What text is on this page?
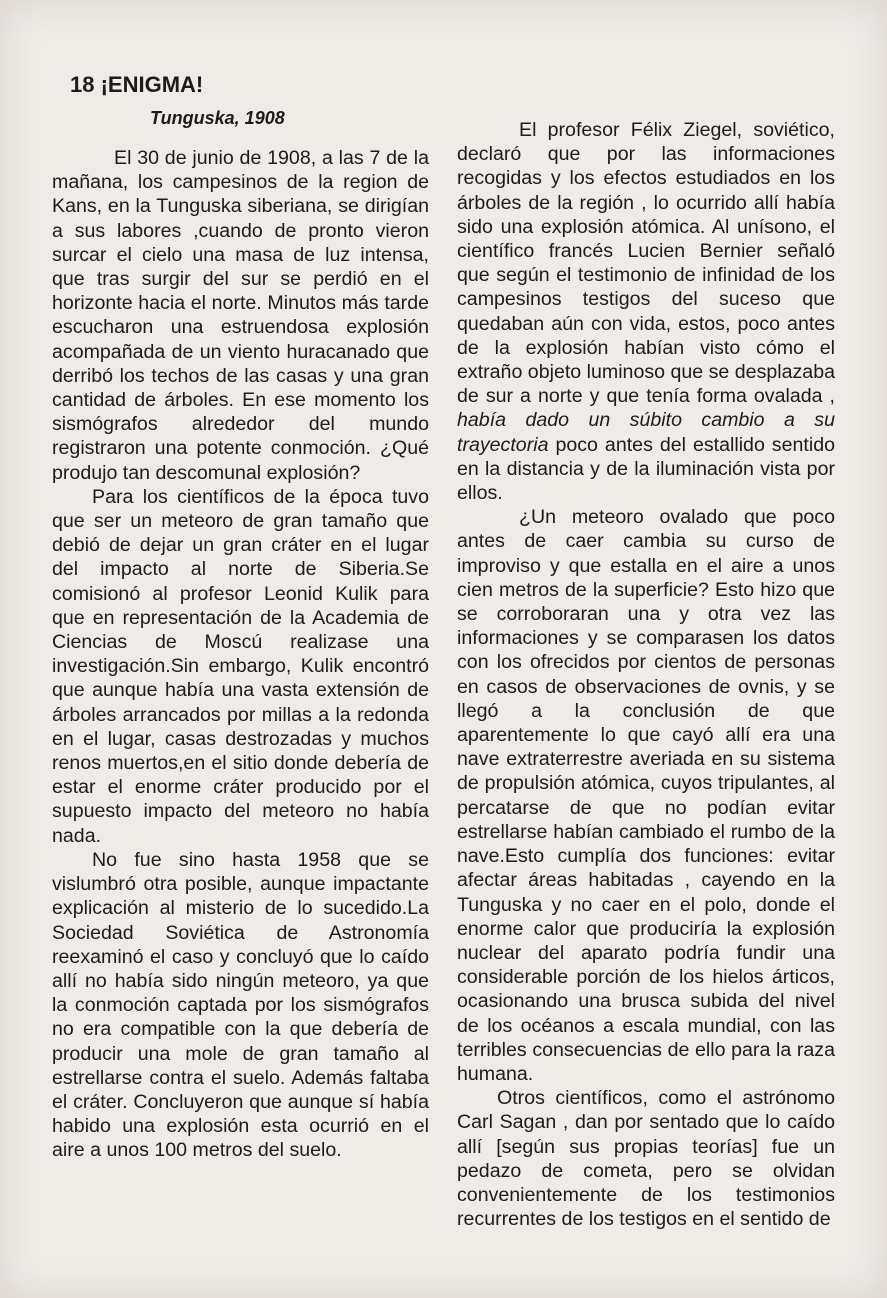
18 ¡ENIGMA!
Tunguska, 1908

El 30 de junio de 1908, a las 7 de la mañana, los campesinos de la region de Kans, en la Tunguska siberiana, se dirigían a sus labores ,cuando de pronto vieron surcar el cielo una masa de luz intensa, que tras surgir del sur se perdió en el horizonte hacia el norte. Minutos más tarde escucharon una estruendosa explosión acompañada de un viento huracanado que derribó los techos de las casas y una gran cantidad de árboles. En ese momento los sismógrafos alrededor del mundo registraron una potente conmoción. ¿Qué produjo tan descomunal explosión?

Para los científicos de la época tuvo que ser un meteoro de gran tamaño que debió de dejar un gran cráter en el lugar del impacto al norte de Siberia.Se comisionó al profesor Leonid Kulik para que en representación de la Academia de Ciencias de Moscú realizase una investigación.Sin embargo, Kulik encontró que aunque había una vasta extensión de árboles arrancados por millas a la redonda en el lugar, casas destrozadas y muchos renos muertos,en el sitio donde debería de estar el enorme cráter producido por el supuesto impacto del meteoro no había nada.

No fue sino hasta 1958 que se vislumbró otra posible, aunque impactante explicación al misterio de lo sucedido.La Sociedad Soviética de Astronomía reexaminó el caso y concluyó que lo caído allí no había sido ningún meteoro, ya que la conmoción captada por los sismógrafos no era compatible con la que debería de producir una mole de gran tamaño al estrellarse contra el suelo. Además faltaba el cráter. Concluyeron que aunque sí había habido una explosión esta ocurrió en el aire a unos 100 metros del suelo.

El profesor Félix Ziegel, soviético, declaró que por las informaciones recogidas y los efectos estudiados en los árboles de la región , lo ocurrido allí había sido una explosión atómica. Al unísono, el científico francés Lucien Bernier señaló que según el testimonio de infinidad de los campesinos testigos del suceso que quedaban aún con vida, estos, poco antes de la explosión habían visto cómo el extraño objeto luminoso que se desplazaba de sur a norte y que tenía forma ovalada , había dado un súbito cambio a su trayectoria poco antes del estallido sentido en la distancia y de la iluminación vista por ellos.

¿Un meteoro ovalado que poco antes de caer cambia su curso de improviso y que estalla en el aire a unos cien metros de la superficie? Esto hizo que se corroboraran una y otra vez las informaciones y se comparasen los datos con los ofrecidos por cientos de personas en casos de observaciones de ovnis, y se llegó a la conclusión de que aparentemente lo que cayó allí era una nave extraterrestre averiada en su sistema de propulsión atómica, cuyos tripulantes, al percatarse de que no podían evitar estrellarse habían cambiado el rumbo de la nave.Esto cumplía dos funciones: evitar afectar áreas habitadas , cayendo en la Tunguska y no caer en el polo, donde el enorme calor que produciría la explosión nuclear del aparato podría fundir una considerable porción de los hielos árticos, ocasionando una brusca subida del nivel de los océanos a escala mundial, con las terribles consecuencias de ello para la raza humana.

Otros científicos, como el astrónomo Carl Sagan , dan por sentado que lo caído allí [según sus propias teorías] fue un pedazo de cometa, pero se olvidan convenientemente de los testimonios recurrentes de los testigos en el sentido de
